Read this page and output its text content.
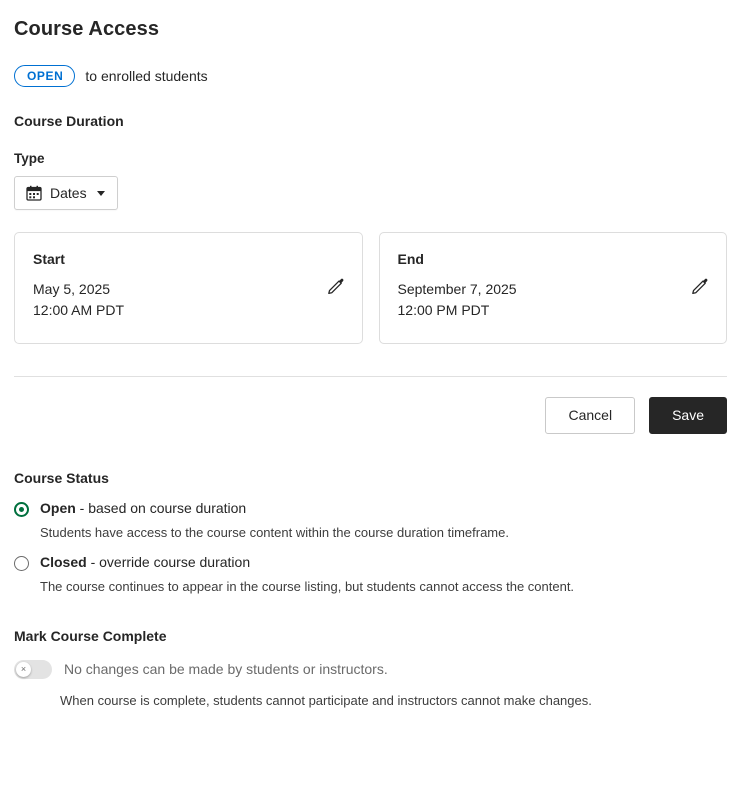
Course Access
OPEN	to enrolled students
Course Duration
Type
Dates
Start
May 5, 2025
12:00 AM PDT
End
September 7, 2025
12:00 PM PDT
Cancel	Save
Course Status
Open - based on course duration
Students have access to the course content within the course duration timeframe.
Closed - override course duration
The course continues to appear in the course listing, but students cannot access the content.
Mark Course Complete
×	No changes can be made by students or instructors.
When course is complete, students cannot participate and instructors cannot make changes.
